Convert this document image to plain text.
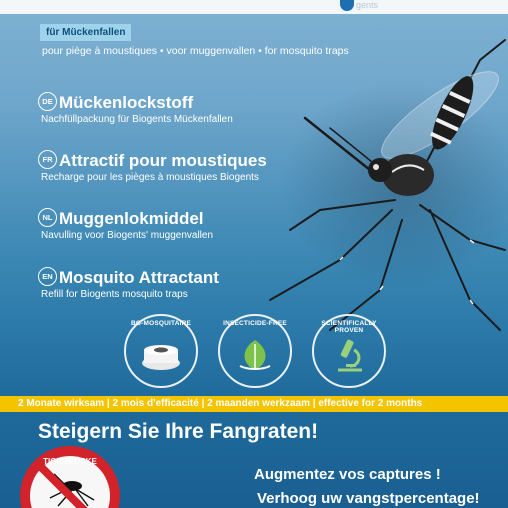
gents
für Mückenfallen
pour piège à moustiques • voor muggenvallen • for mosquito traps
DE Mückenlockstoff
Nachfüllpackung für Biogents Mückenfallen
FR Attractif pour moustiques
Recharge pour les pièges à moustiques Biogents
NL Muggenlokmiddel
Navulling voor Biogents' muggenvallen
EN Mosquito Attractant
Refill for Biogents mosquito traps
BG-MOSQUITAIRE	INSECTICIDE-FREE	SCIENTIFICALLY PROVEN
2 Monate wirksam | 2 mois d'efficacité | 2 maanden werkzaam | effective for 2 months
Steigern Sie Ihre Fangraten!
Augmentez vos captures !
Verhoog uw vangstpercentage!
TIGERMÜCKE
